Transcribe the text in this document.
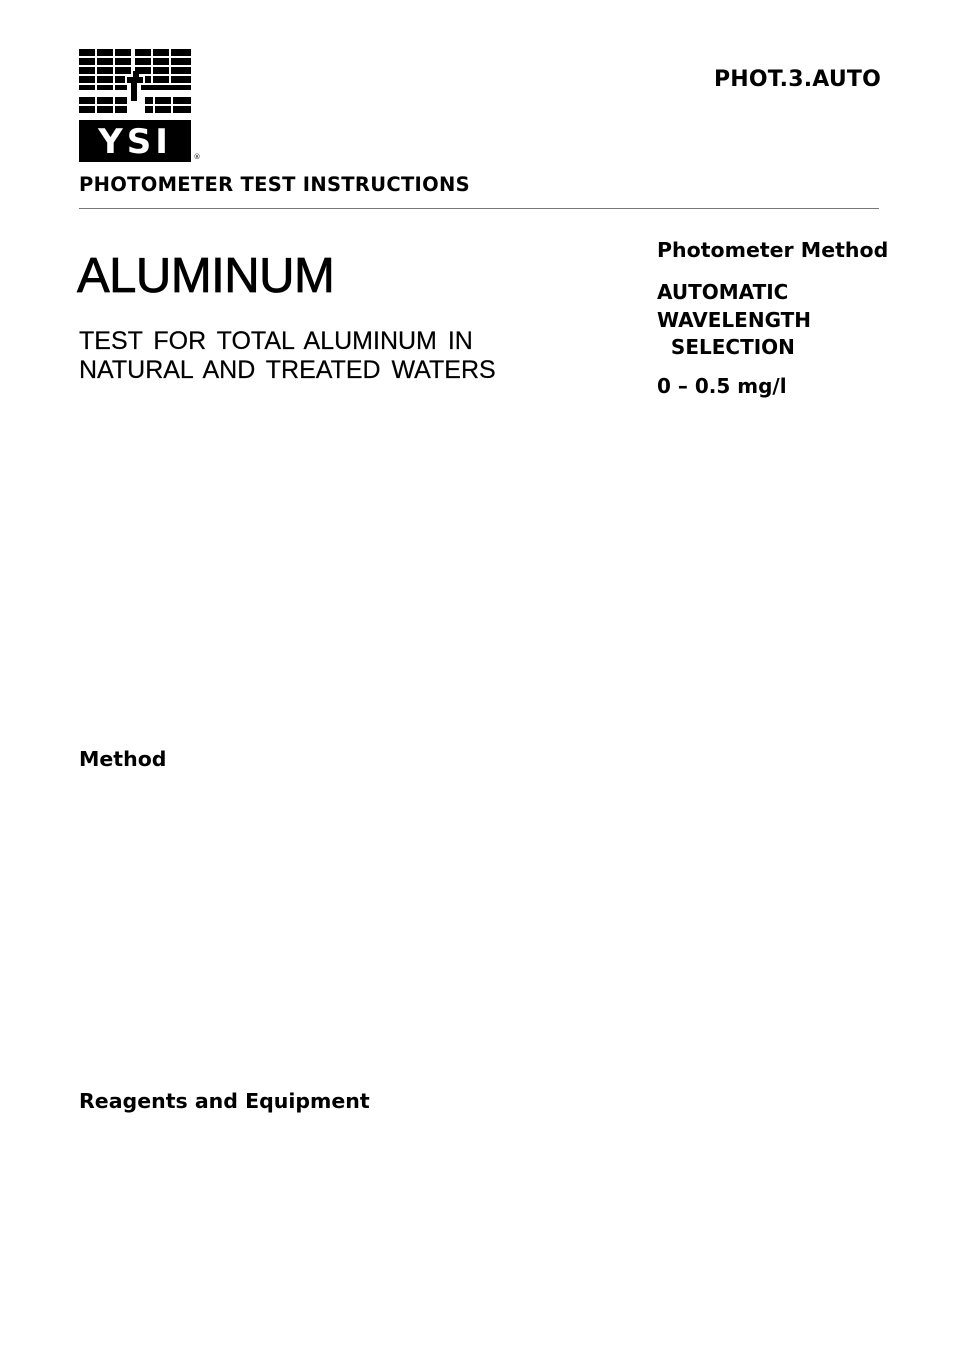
YSI	®
PHOT.3.AUTO
PHOTOMETER TEST INSTRUCTIONS
ALUMINUM
TEST FOR TOTAL ALUMINUM IN
NATURAL AND TREATED WATERS
Photometer Method
AUTOMATIC
WAVELENGTH
SELECTION
0 – 0.5 mg/l
Method
Reagents and Equipment
